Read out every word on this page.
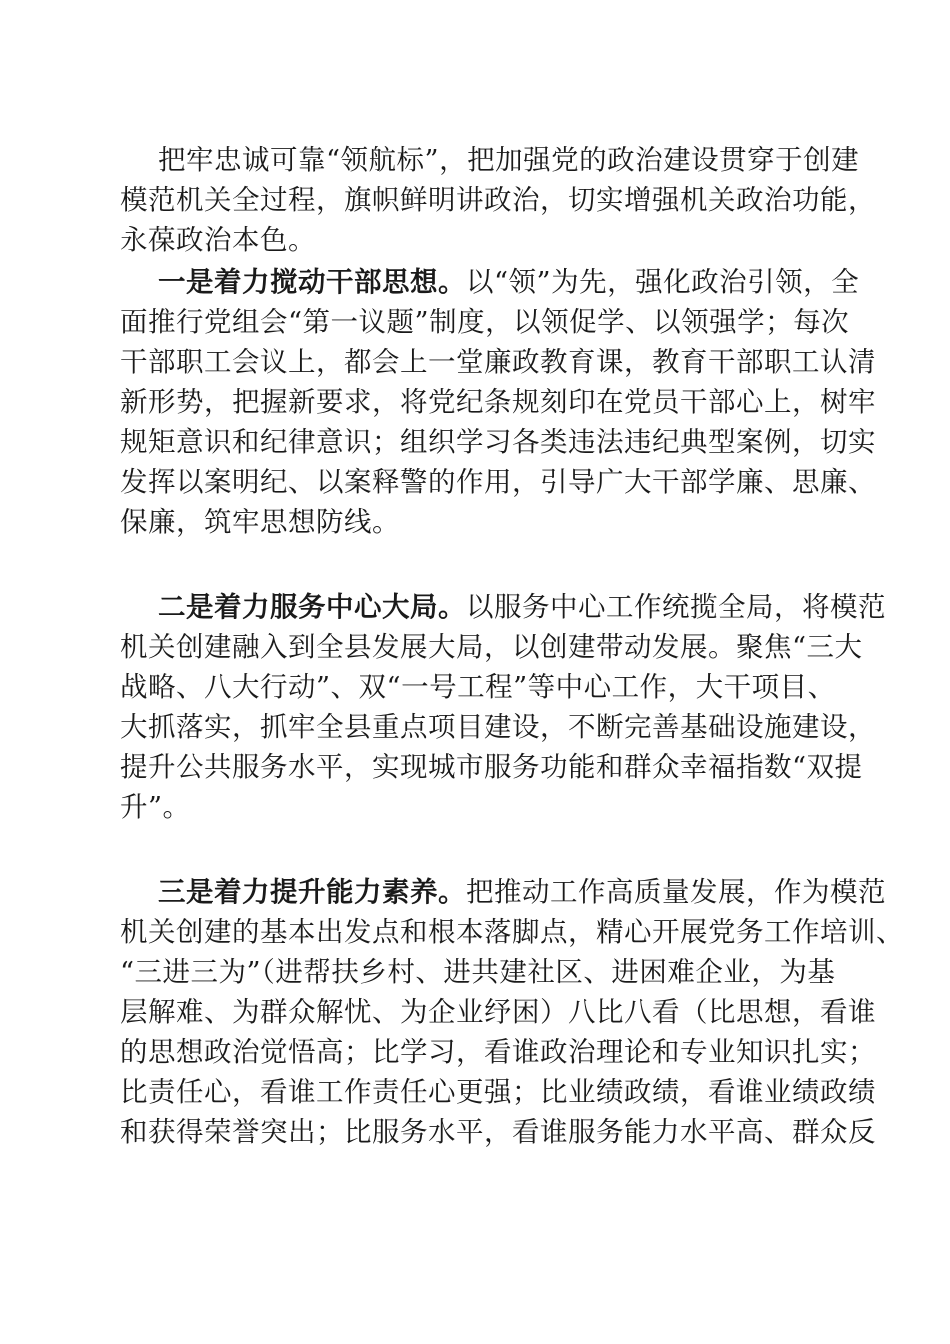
把牢忠诚可靠“领航标”，把加强党的政治建设贯穿于创建
模范机关全过程，旗帜鲜明讲政治，切实增强机关政治功能，
永葆政治本色。
一是着力搅动干部思想。以“领”为先，强化政治引领，全
面推行党组会“第一议题”制度，以领促学、以领强学；每次
干部职工会议上，都会上一堂廉政教育课，教育干部职工认清
新形势，把握新要求，将党纪条规刻印在党员干部心上，树牢
规矩意识和纪律意识；组织学习各类违法违纪典型案例，切实
发挥以案明纪、以案释警的作用，引导广大干部学廉、思廉、
保廉，筑牢思想防线。
二是着力服务中心大局。以服务中心工作统揽全局，将模范
机关创建融入到全县发展大局，以创建带动发展。聚焦“三大
战略、八大行动”、双“一号工程”等中心工作，大干项目、
大抓落实，抓牢全县重点项目建设，不断完善基础设施建设，
提升公共服务水平，实现城市服务功能和群众幸福指数“双提
升”。
三是着力提升能力素养。把推动工作高质量发展，作为模范
机关创建的基本出发点和根本落脚点，精心开展党务工作培训、
“三进三为”（进帮扶乡村、进共建社区、进困难企业，为基
层解难、为群众解忧、为企业纾困）八比八看（比思想，看谁
的思想政治觉悟高；比学习，看谁政治理论和专业知识扎实；
比责任心，看谁工作责任心更强；比业绩政绩，看谁业绩政绩
和获得荣誉突出；比服务水平，看谁服务能力水平高、群众反
